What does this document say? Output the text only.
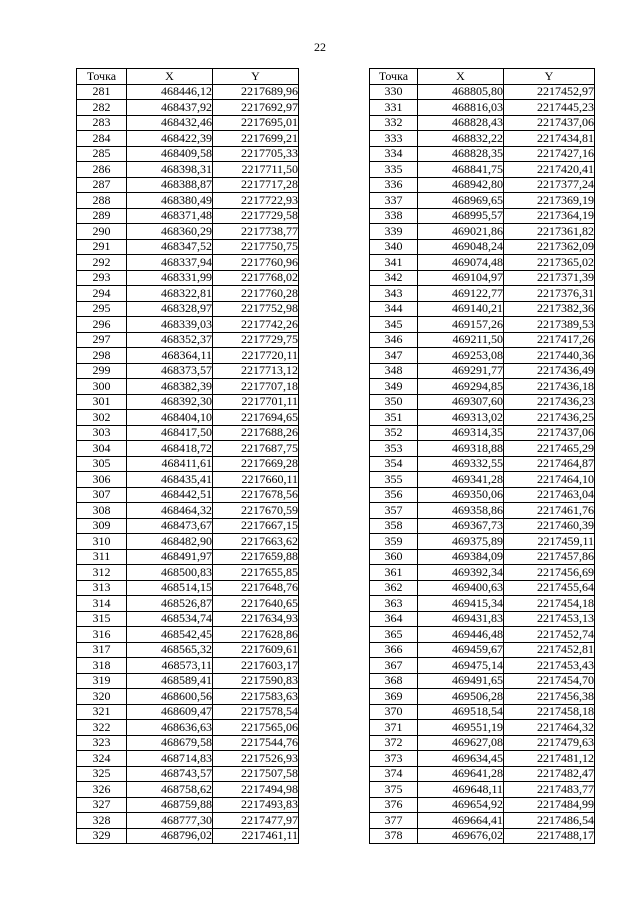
22
Точка	X	Y
281	468446,12	2217689,96
282	468437,92	2217692,97
283	468432,46	2217695,01
284	468422,39	2217699,21
285	468409,58	2217705,33
286	468398,31	2217711,50
287	468388,87	2217717,28
288	468380,49	2217722,93
289	468371,48	2217729,58
290	468360,29	2217738,77
291	468347,52	2217750,75
292	468337,94	2217760,96
293	468331,99	2217768,02
294	468322,81	2217760,28
295	468328,97	2217752,98
296	468339,03	2217742,26
297	468352,37	2217729,75
298	468364,11	2217720,11
299	468373,57	2217713,12
300	468382,39	2217707,18
301	468392,30	2217701,11
302	468404,10	2217694,65
303	468417,50	2217688,26
304	468418,72	2217687,75
305	468411,61	2217669,28
306	468435,41	2217660,11
307	468442,51	2217678,56
308	468464,32	2217670,59
309	468473,67	2217667,15
310	468482,90	2217663,62
311	468491,97	2217659,88
312	468500,83	2217655,85
313	468514,15	2217648,76
314	468526,87	2217640,65
315	468534,74	2217634,93
316	468542,45	2217628,86
317	468565,32	2217609,61
318	468573,11	2217603,17
319	468589,41	2217590,83
320	468600,56	2217583,63
321	468609,47	2217578,54
322	468636,63	2217565,06
323	468679,58	2217544,76
324	468714,83	2217526,93
325	468743,57	2217507,58
326	468758,62	2217494,98
327	468759,88	2217493,83
328	468777,30	2217477,97
329	468796,02	2217461,11
Точка	X	Y
330	468805,80	2217452,97
331	468816,03	2217445,23
332	468828,43	2217437,06
333	468832,22	2217434,81
334	468828,35	2217427,16
335	468841,75	2217420,41
336	468942,80	2217377,24
337	468969,65	2217369,19
338	468995,57	2217364,19
339	469021,86	2217361,82
340	469048,24	2217362,09
341	469074,48	2217365,02
342	469104,97	2217371,39
343	469122,77	2217376,31
344	469140,21	2217382,36
345	469157,26	2217389,53
346	469211,50	2217417,26
347	469253,08	2217440,36
348	469291,77	2217436,49
349	469294,85	2217436,18
350	469307,60	2217436,23
351	469313,02	2217436,25
352	469314,35	2217437,06
353	469318,88	2217465,29
354	469332,55	2217464,87
355	469341,28	2217464,10
356	469350,06	2217463,04
357	469358,86	2217461,76
358	469367,73	2217460,39
359	469375,89	2217459,11
360	469384,09	2217457,86
361	469392,34	2217456,69
362	469400,63	2217455,64
363	469415,34	2217454,18
364	469431,83	2217453,13
365	469446,48	2217452,74
366	469459,67	2217452,81
367	469475,14	2217453,43
368	469491,65	2217454,70
369	469506,28	2217456,38
370	469518,54	2217458,18
371	469551,19	2217464,32
372	469627,08	2217479,63
373	469634,45	2217481,12
374	469641,28	2217482,47
375	469648,11	2217483,77
376	469654,92	2217484,99
377	469664,41	2217486,54
378	469676,02	2217488,17
